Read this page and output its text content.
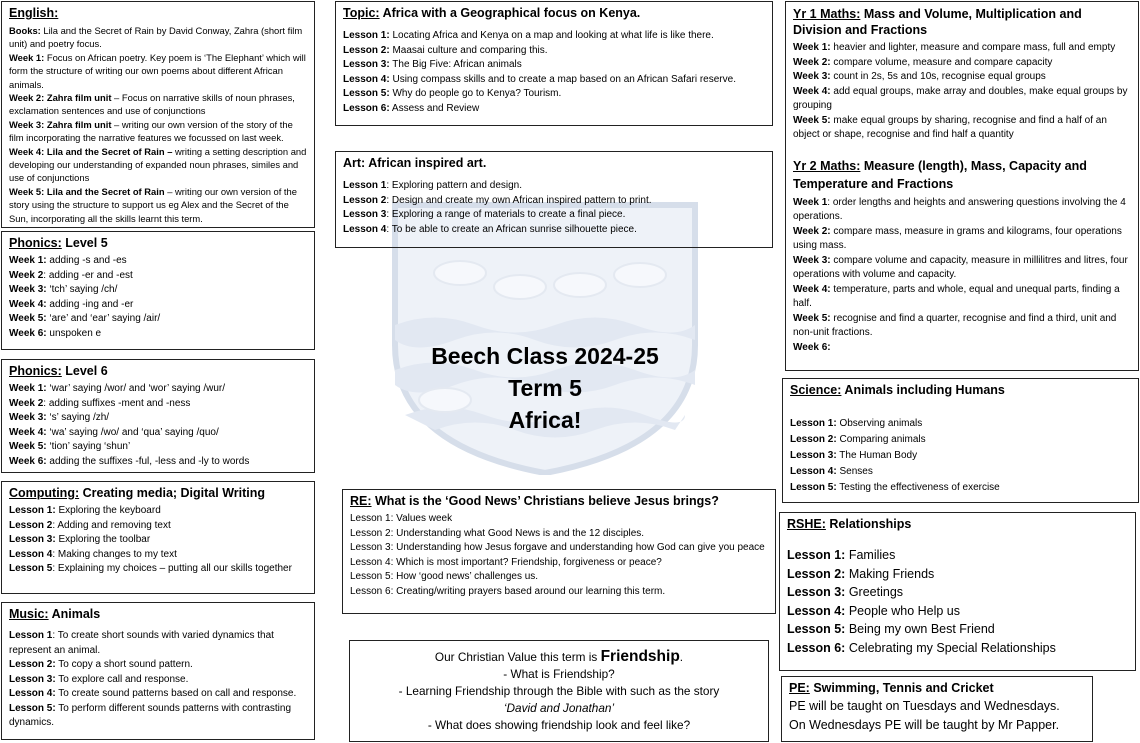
Beech Class 2024-25
Term 5
Africa!
English:
Books: Lila and the Secret of Rain by David Conway, Zahra (short film unit) and poetry focus.
Week 1: Focus on African poetry. Key poem is ‘The Elephant’ which will form the structure of writing our own poems about different African animals.
Week 2: Zahra film unit – Focus on narrative skills of noun phrases, exclamation sentences and use of conjunctions
Week 3: Zahra film unit – writing our own version of the story of the film incorporating the narrative features we focussed on last week.
Week 4: Lila and the Secret of Rain – writing a setting description and developing our understanding of expanded noun phrases, similes and use of conjunctions
Week 5: Lila and the Secret of Rain – writing our own version of the story using the structure to support us eg Alex and the Secret of the Sun, incorporating all the skills learnt this term.
Phonics: Level 5
Week 1: adding -s and -es
Week 2: adding -er and -est
Week 3: ‘tch’ saying /ch/
Week 4: adding -ing and -er
Week 5: ‘are’ and ‘ear’ saying /air/
Week 6: unspoken e
Phonics: Level 6
Week 1: ‘war’ saying /wor/ and ‘wor’ saying /wur/
Week 2: adding suffixes -ment and -ness
Week 3: ‘s’ saying /zh/
Week 4: ‘wa’ saying /wo/ and ‘qua’ saying /quo/
Week 5: ‘tion’ saying ‘shun’
Week 6: adding the suffixes -ful, -less and -ly to words
Computing: Creating media; Digital Writing
Lesson 1: Exploring the keyboard
Lesson 2: Adding and removing text
Lesson 3: Exploring the toolbar
Lesson 4: Making changes to my text
Lesson 5: Explaining my choices – putting all our skills together
Music: Animals
Lesson 1: To create short sounds with varied dynamics that represent an animal.
Lesson 2: To copy a short sound pattern.
Lesson 3: To explore call and response.
Lesson 4: To create sound patterns based on call and response.
Lesson 5: To perform different sounds patterns with contrasting dynamics.
Topic: Africa with a Geographical focus on Kenya.
Lesson 1: Locating Africa and Kenya on a map and looking at what life is like there.
Lesson 2: Maasai culture and comparing this.
Lesson 3: The Big Five: African animals
Lesson 4: Using compass skills and to create a map based on an African Safari reserve.
Lesson 5: Why do people go to Kenya? Tourism.
Lesson 6: Assess and Review
Art: African inspired art.
Lesson 1: Exploring pattern and design.
Lesson 2: Design and create my own African inspired pattern to print.
Lesson 3: Exploring a range of materials to create a final piece.
Lesson 4: To be able to create an African sunrise silhouette piece.
RE: What is the ‘Good News’ Christians believe Jesus brings?
Lesson 1: Values week
Lesson 2: Understanding what Good News is and the 12 disciples.
Lesson 3: Understanding how Jesus forgave and understanding how God can give you peace
Lesson 4: Which is most important? Friendship, forgiveness or peace?
Lesson 5: How ‘good news’ challenges us.
Lesson 6: Creating/writing prayers based around our learning this term.
Our Christian Value this term is Friendship.
- What is Friendship?
- Learning Friendship through the Bible with such as the story
‘David and Jonathan’
- What does showing friendship look and feel like?
Yr 1 Maths: Mass and Volume, Multiplication and Division and Fractions
Week 1: heavier and lighter, measure and compare mass, full and empty
Week 2: compare volume, measure and compare capacity
Week 3: count in 2s, 5s and 10s, recognise equal groups
Week 4: add equal groups, make array and doubles, make equal groups by grouping
Week 5: make equal groups by sharing, recognise and find a half of an object or shape, recognise and find half a quantity
Yr 2 Maths: Measure (length), Mass, Capacity and Temperature and Fractions
Week 1: order lengths and heights and answering questions involving the 4 operations.
Week 2: compare mass, measure in grams and kilograms, four operations using mass.
Week 3: compare volume and capacity, measure in millilitres and litres, four operations with volume and capacity.
Week 4: temperature, parts and whole, equal and unequal parts, finding a half.
Week 5: recognise and find a quarter, recognise and find a third, unit and non-unit fractions.
Week 6:
Science: Animals including Humans
Lesson 1: Observing animals
Lesson 2: Comparing animals
Lesson 3: The Human Body
Lesson 4: Senses
Lesson 5: Testing the effectiveness of exercise
RSHE: Relationships
Lesson 1: Families
Lesson 2: Making Friends
Lesson 3: Greetings
Lesson 4: People who Help us
Lesson 5: Being my own Best Friend
Lesson 6: Celebrating my Special Relationships
PE: Swimming, Tennis and Cricket
PE will be taught on Tuesdays and Wednesdays.
On Wednesdays PE will be taught by Mr Papper.
